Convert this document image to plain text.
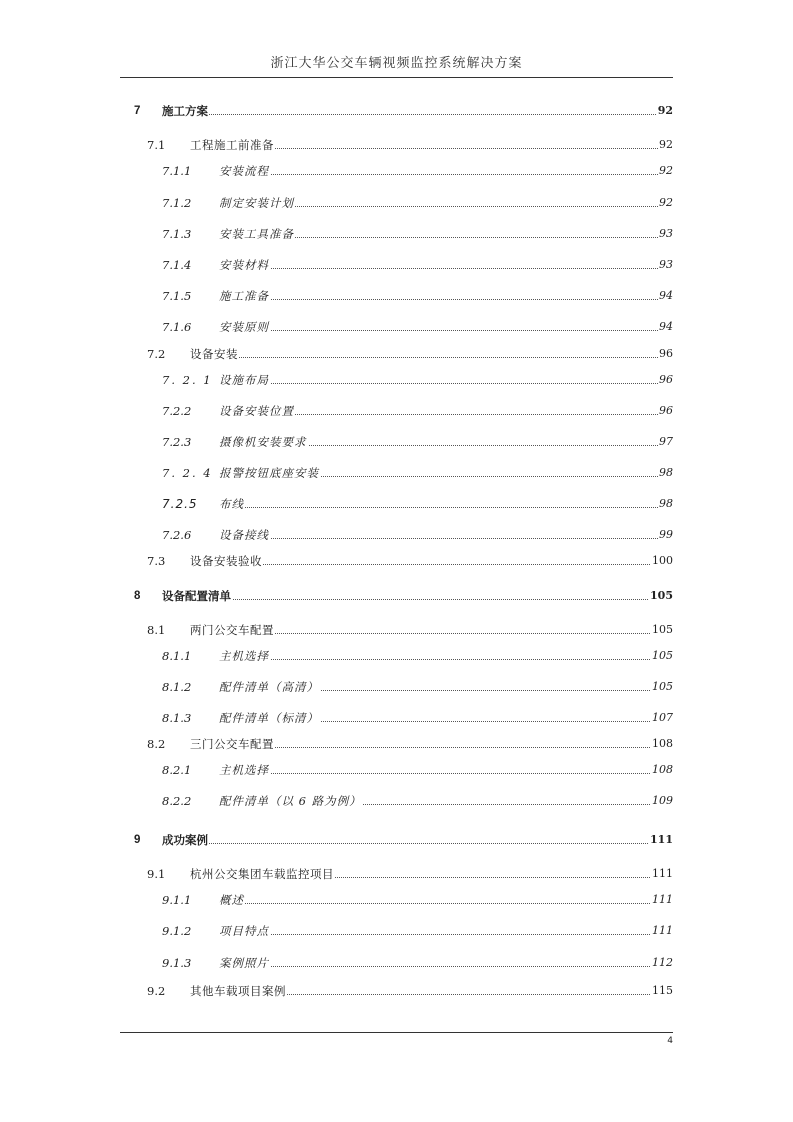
浙江大华公交车辆视频监控系统解决方案
7 施工方案	92
7.1 工程施工前准备	92
7.1.1 安装流程	92
7.1.2 制定安装计划	92
7.1.3 安装工具准备	93
7.1.4 安装材料	93
7.1.5 施工准备	94
7.1.6 安装原则	94
7.2 设备安装	96
7. 2. 1 设施布局	96
7.2.2 设备安装位置	96
7.2.3 摄像机安装要求	97
7. 2. 4 报警按钮底座安装	98
7.2.5 布线	98
7.2.6 设备接线	99
7.3 设备安装验收	100
8 设备配置清单	105
8.1 两门公交车配置	105
8.1.1 主机选择	105
8.1.2 配件清单（高清）	105
8.1.3 配件清单（标清）	107
8.2 三门公交车配置	108
8.2.1 主机选择	108
8.2.2 配件清单（以 6 路为例）	109
9 成功案例	111
9.1 杭州公交集团车载监控项目	111
9.1.1 概述	111
9.1.2 项目特点	111
9.1.3 案例照片	112
9.2 其他车载项目案例	115
4
